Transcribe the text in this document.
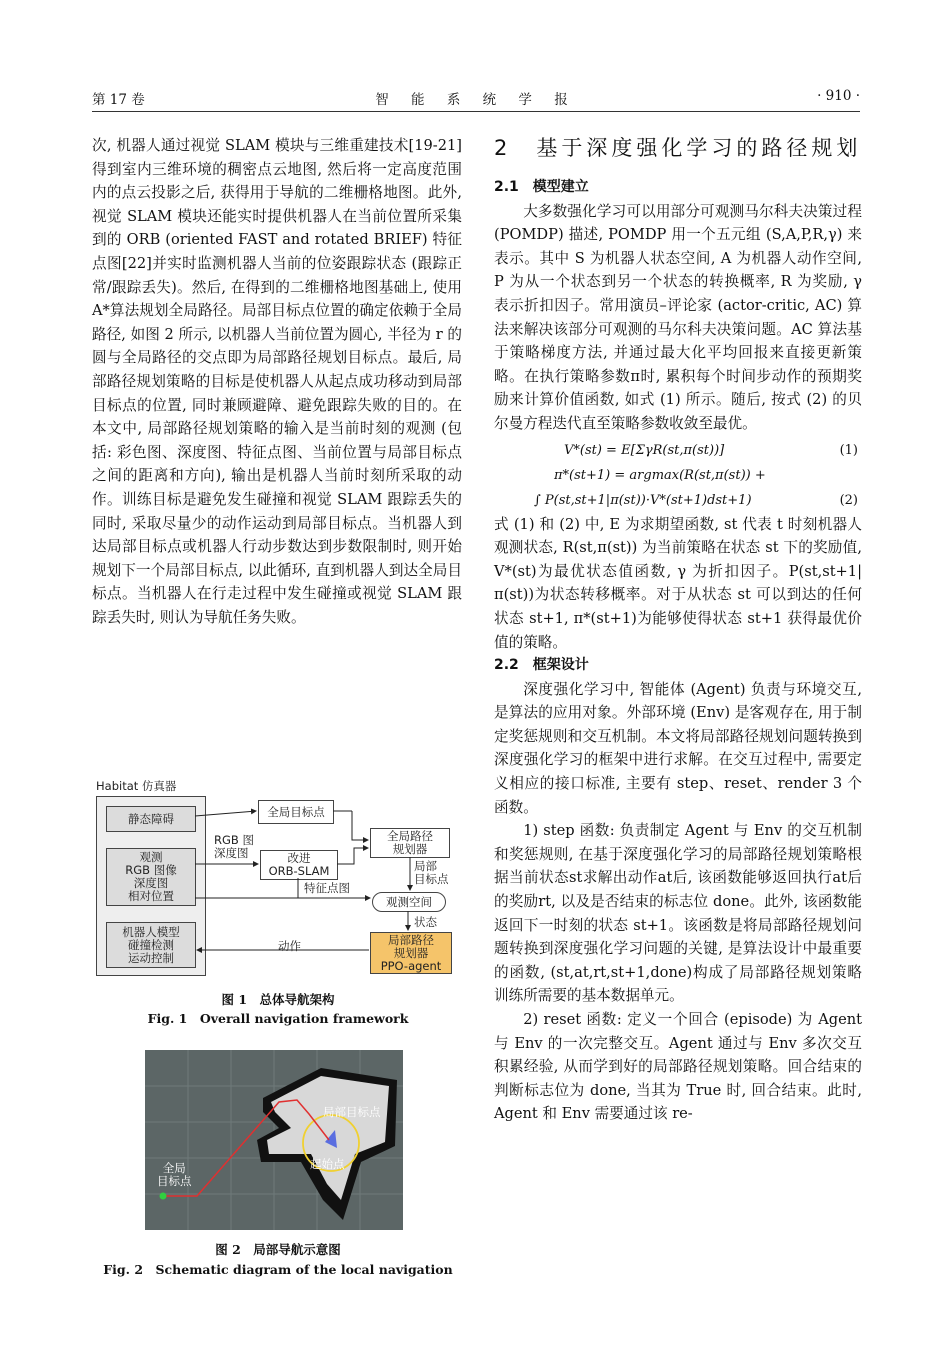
第 17 卷	智 能 系 统 学 报	· 910 ·

次, 机器人通过视觉 SLAM 模块与三维重建技术[19-21]得到室内三维环境的稠密点云地图, 然后将一定高度范围内的点云投影之后, 获得用于导航的二维栅格地图。此外, 视觉 SLAM 模块还能实时提供机器人在当前位置所采集到的 ORB (oriented FAST and rotated BRIEF) 特征点图[22]并实时监测机器人当前的位姿跟踪状态 (跟踪正常/跟踪丢失)。然后, 在得到的二维栅格地图基础上, 使用 A*算法规划全局路径。局部目标点位置的确定依赖于全局路径, 如图 2 所示, 以机器人当前位置为圆心, 半径为 r 的圆与全局路径的交点即为局部路径规划目标点。最后, 局部路径规划策略的目标是使机器人从起点成功移动到局部目标点的位置, 同时兼顾避障、避免跟踪失败的目的。在本文中, 局部路径规划策略的输入是当前时刻的观测 (包括: 彩色图、深度图、特征点图、当前位置与局部目标点之间的距离和方向), 输出是机器人当前时刻所采取的动作。训练目标是避免发生碰撞和视觉 SLAM 跟踪丢失的同时, 采取尽量少的动作运动到局部目标点。当机器人到达局部目标点或机器人行动步数达到步数限制时, 则开始规划下一个局部目标点, 以此循环, 直到机器人到达全局目标点。当机器人在行走过程中发生碰撞或视觉 SLAM 跟踪丢失时, 则认为导航任务失败。

Habitat 仿真器
静态障碍
观测
RGB 图像
深度图
相对位置
机器人模型
碰撞检测
运动控制
全局目标点
全局路径
规划器
RGB 图
深度图	改进
ORB-SLAM
特征点图
局部
目标点
观测空间
状态
动作	局部路径
规划器
PPO-agent
图 1　总体导航架构
Fig. 1　Overall navigation framework
局部目标点
起始点
全局
目标点
图 2　局部导航示意图
Fig. 2　Schematic diagram of the local navigation

2　基于深度强化学习的路径规划

2.1　模型建立

大多数强化学习可以用部分可观测马尔科夫决策过程 (POMDP) 描述, POMDP 用一个五元组 (S,A,P,R,γ) 来表示。其中 S 为机器人状态空间, A 为机器人动作空间, P 为从一个状态到另一个状态的转换概率, R 为奖励, γ 表示折扣因子。常用演员–评论家 (actor-critic, AC) 算法来解决该部分可观测的马尔科夫决策问题。AC 算法基于策略梯度方法, 并通过最大化平均回报来直接更新策略。在执行策略参数π时, 累积每个时间步动作的预期奖励来计算价值函数, 如式 (1) 所示。随后, 按式 (2) 的贝尔曼方程迭代直至策略参数收敛至最优。

V*(st) = E[ΣγR(st,π(st))]	(1)
π*(st+1) = argmax(R(st,π(st)) +
∫ P(st,st+1|π(st))·V*(st+1)dst+1)	(2)

式 (1) 和 (2) 中, E 为求期望函数, st 代表 t 时刻机器人观测状态, R(st,π(st)) 为当前策略在状态 st 下的奖励值, V*(st)为最优状态值函数, γ 为折扣因子。P(st,st+1|π(st))为状态转移概率。对于从状态 st 可以到达的任何状态 st+1, π*(st+1)为能够使得状态 st+1 获得最优价值的策略。

2.2　框架设计

深度强化学习中, 智能体 (Agent) 负责与环境交互, 是算法的应用对象。外部环境 (Env) 是客观存在, 用于制定奖惩规则和交互机制。本文将局部路径规划问题转换到深度强化学习的框架中进行求解。在交互过程中, 需要定义相应的接口标准, 主要有 step、reset、render 3 个函数。

1) step 函数: 负责制定 Agent 与 Env 的交互机制和奖惩规则, 在基于深度强化学习的局部路径规划策略根据当前状态st求解出动作at后, 该函数能够返回执行at后的奖励rt, 以及是否结束的标志位 done。此外, 该函数能返回下一时刻的状态 st+1。该函数是将局部路径规划问题转换到深度强化学习问题的关键, 是算法设计中最重要的函数, (st,at,rt,st+1,done)构成了局部路径规划策略训练所需要的基本数据单元。

2) reset 函数: 定义一个回合 (episode) 为 Agent 与 Env 的一次完整交互。Agent 通过与 Env 多次交互积累经验, 从而学到好的局部路径规划策略。回合结束的判断标志位为 done, 当其为 True 时, 回合结束。此时, Agent 和 Env 需要通过该 re-
